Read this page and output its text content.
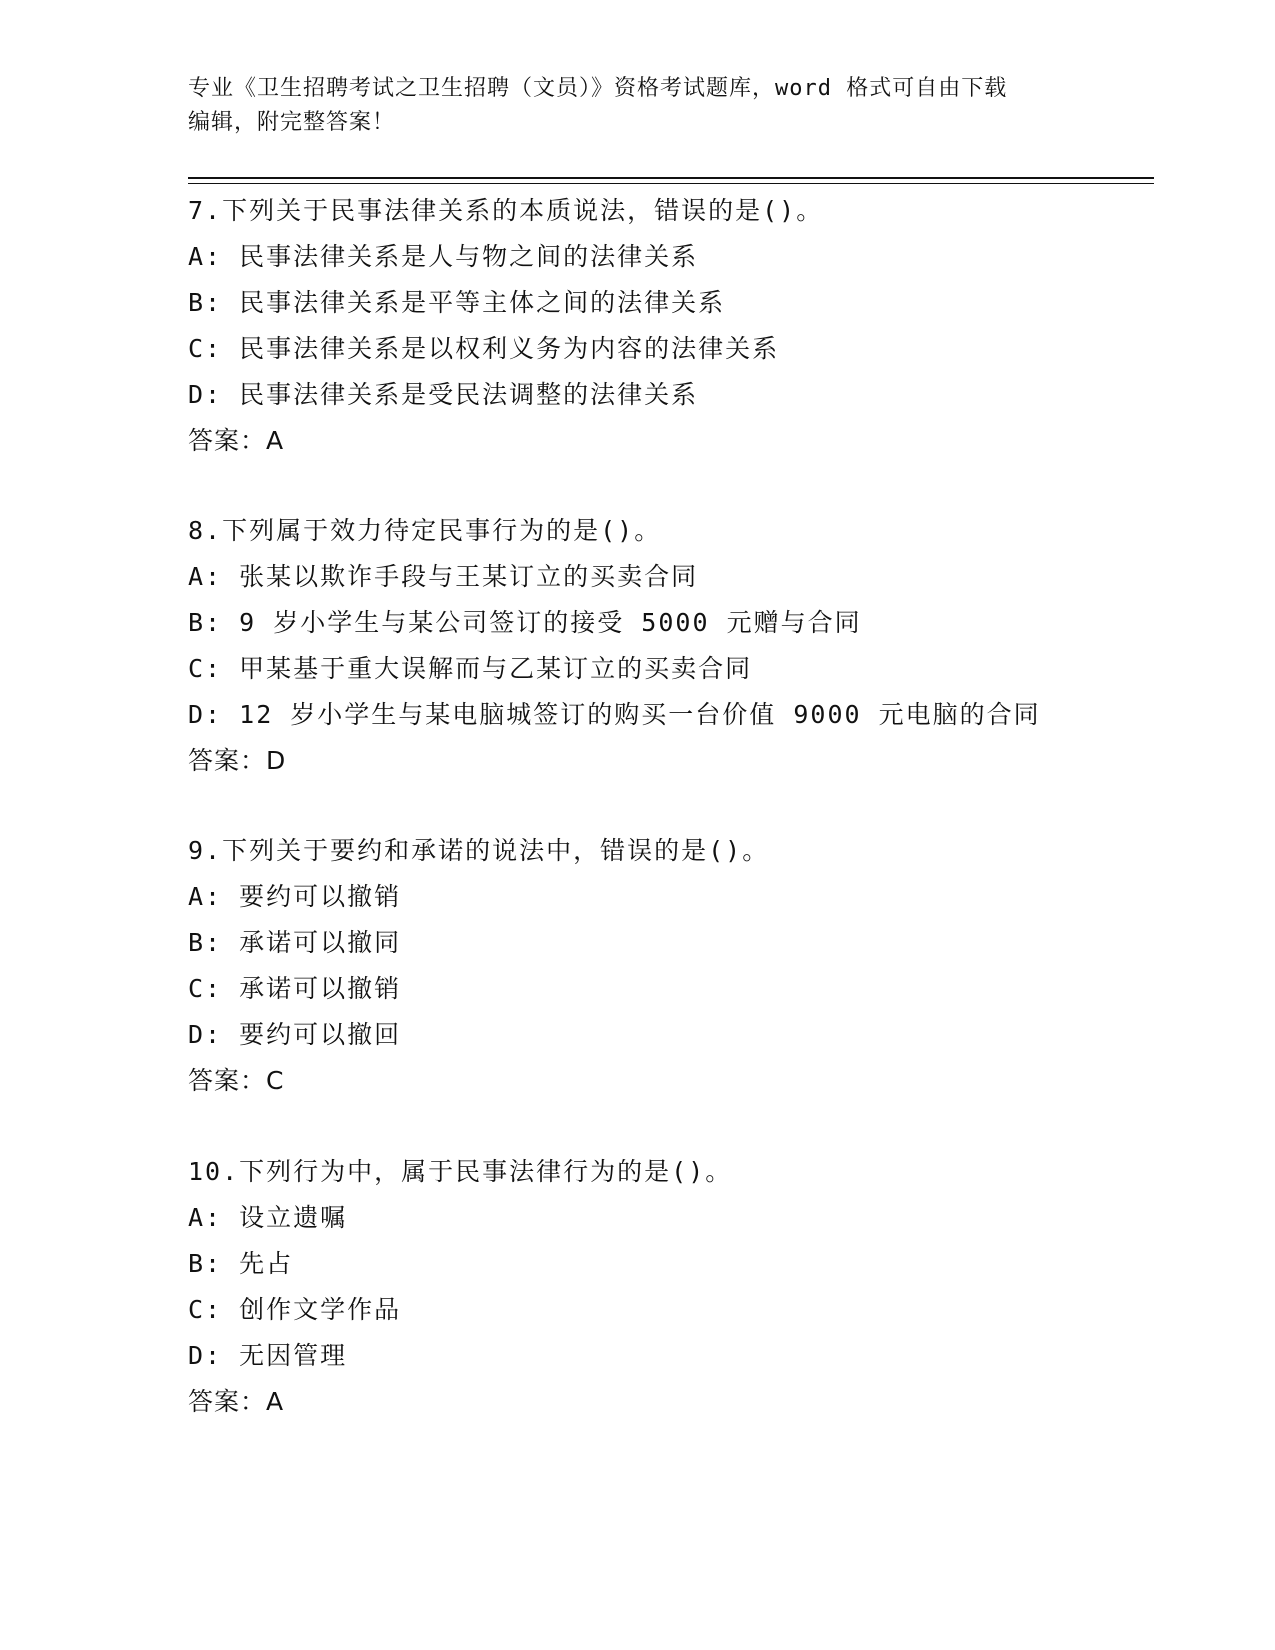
专业《卫生招聘考试之卫生招聘（文员）》资格考试题库，word 格式可自由下载
编辑，附完整答案！
7.下列关于民事法律关系的本质说法，错误的是()。
A: 民事法律关系是人与物之间的法律关系
B: 民事法律关系是平等主体之间的法律关系
C: 民事法律关系是以权利义务为内容的法律关系
D: 民事法律关系是受民法调整的法律关系
答案：A
8.下列属于效力待定民事行为的是()。
A: 张某以欺诈手段与王某订立的买卖合同
B: 9 岁小学生与某公司签订的接受 5000 元赠与合同
C: 甲某基于重大误解而与乙某订立的买卖合同
D: 12 岁小学生与某电脑城签订的购买一台价值 9000 元电脑的合同
答案：D
9.下列关于要约和承诺的说法中，错误的是()。
A: 要约可以撤销
B: 承诺可以撤同
C: 承诺可以撤销
D: 要约可以撤回
答案：C
10.下列行为中，属于民事法律行为的是()。
A: 设立遗嘱
B: 先占
C: 创作文学作品
D: 无因管理
答案：A
